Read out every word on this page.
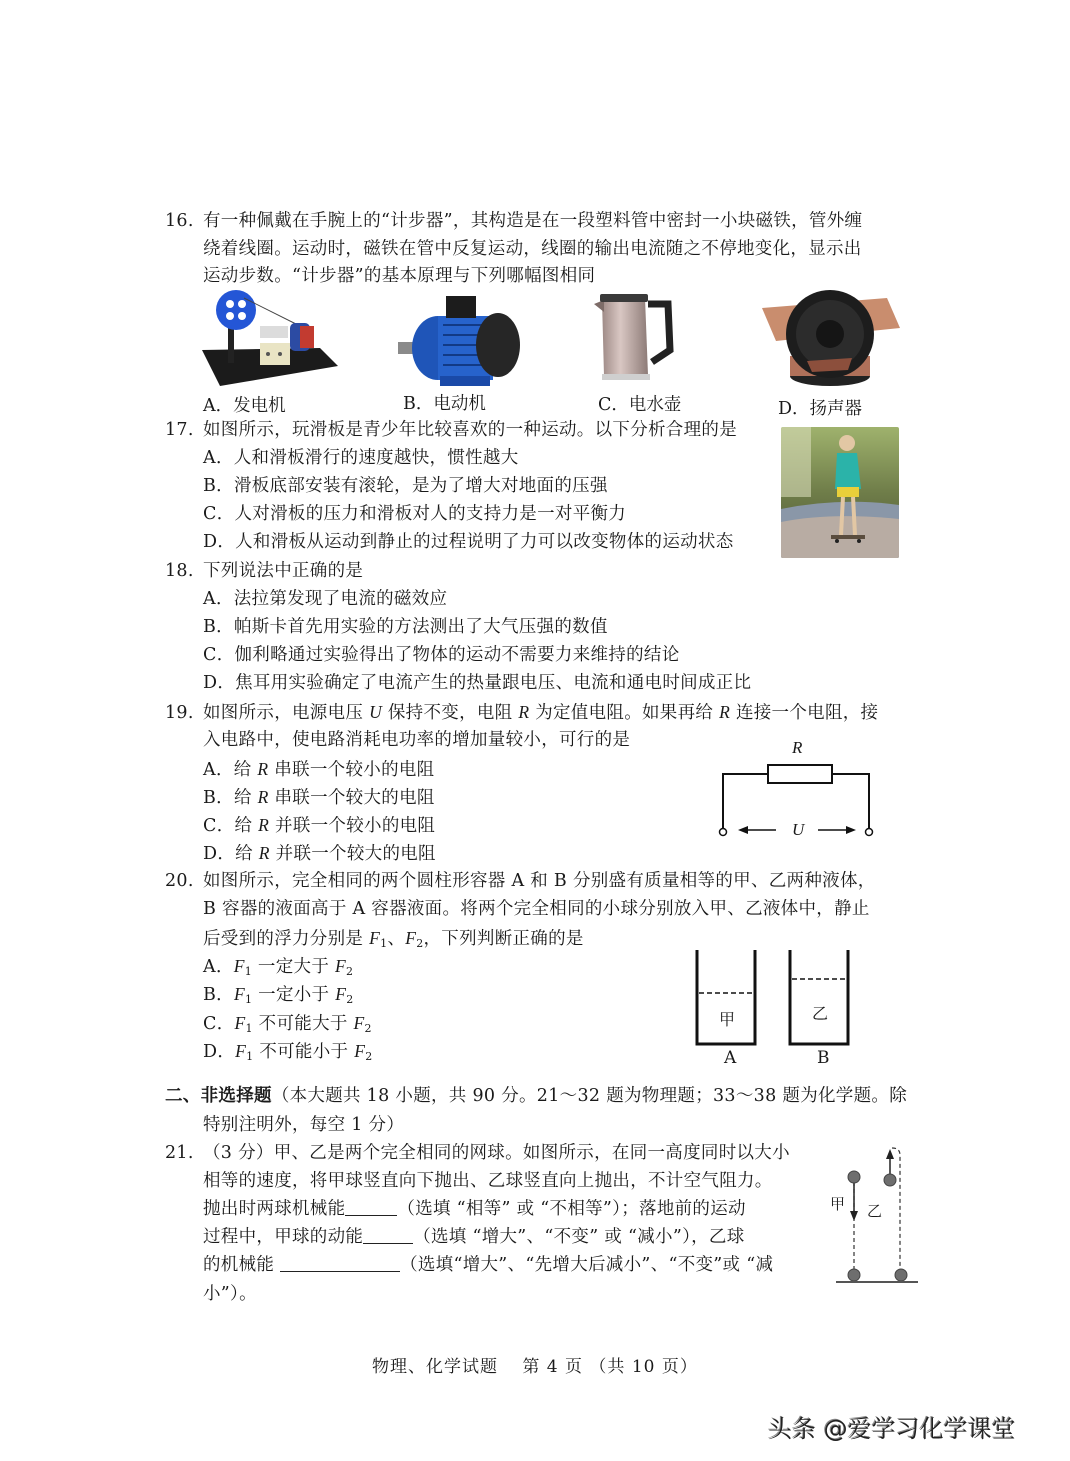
16. 有一种佩戴在手腕上的“计步器”，其构造是在一段塑料管中密封一小块磁铁，管外缠
绕着线圈。运动时，磁铁在管中反复运动，线圈的输出电流随之不停地变化，显示出
运动步数。“计步器”的基本原理与下列哪幅图相同
A．发电机	B．电动机	C．电水壶	D．扬声器
17. 如图所示，玩滑板是青少年比较喜欢的一种运动。以下分析合理的是
A．人和滑板滑行的速度越快，惯性越大
B．滑板底部安装有滚轮，是为了增大对地面的压强
C．人对滑板的压力和滑板对人的支持力是一对平衡力
D．人和滑板从运动到静止的过程说明了力可以改变物体的运动状态
18. 下列说法中正确的是
A．法拉第发现了电流的磁效应
B．帕斯卡首先用实验的方法测出了大气压强的数值
C．伽利略通过实验得出了物体的运动不需要力来维持的结论
D．焦耳用实验确定了电流产生的热量跟电压、电流和通电时间成正比
19. 如图所示，电源电压 U 保持不变，电阻 R 为定值电阻。如果再给 R 连接一个电阻，接
入电路中，使电路消耗电功率的增加量较小，可行的是
A．给 R 串联一个较小的电阻
B．给 R 串联一个较大的电阻
C．给 R 并联一个较小的电阻
D．给 R 并联一个较大的电阻
R
U
20. 如图所示，完全相同的两个圆柱形容器 A 和 B 分别盛有质量相等的甲、乙两种液体，
B 容器的液面高于 A 容器液面。将两个完全相同的小球分别放入甲、乙液体中，静止
后受到的浮力分别是 $F_1$、$F_2$，下列判断正确的是
A．$F_1$ 一定大于 $F_2$
B．$F_1$ 一定小于 $F_2$
C．$F_1$ 不可能大于 $F_2$
D．$F_1$ 不可能小于 $F_2$
甲	乙
A	B
二、非选择题（本大题共 18 小题，共 90 分。21～32 题为物理题；33～38 题为化学题。除
特别注明外，每空 1 分）
21. （3 分）甲、乙是两个完全相同的网球。如图所示，在同一高度同时以大小
相等的速度，将甲球竖直向下抛出、乙球竖直向上抛出，不计空气阻力。
抛出时两球机械能	（选填 “相等” 或 “不相等”）；落地前的运动
过程中，甲球的动能	（选填 “增大”、“不变” 或 “减小”），乙球
的机械能	（选填“增大”、“先增大后减小”、“不变”或 “减
小”）。
甲 乙
物理、化学试题　 第 4 页 （共 10 页）
头条 @爱学习化学课堂
